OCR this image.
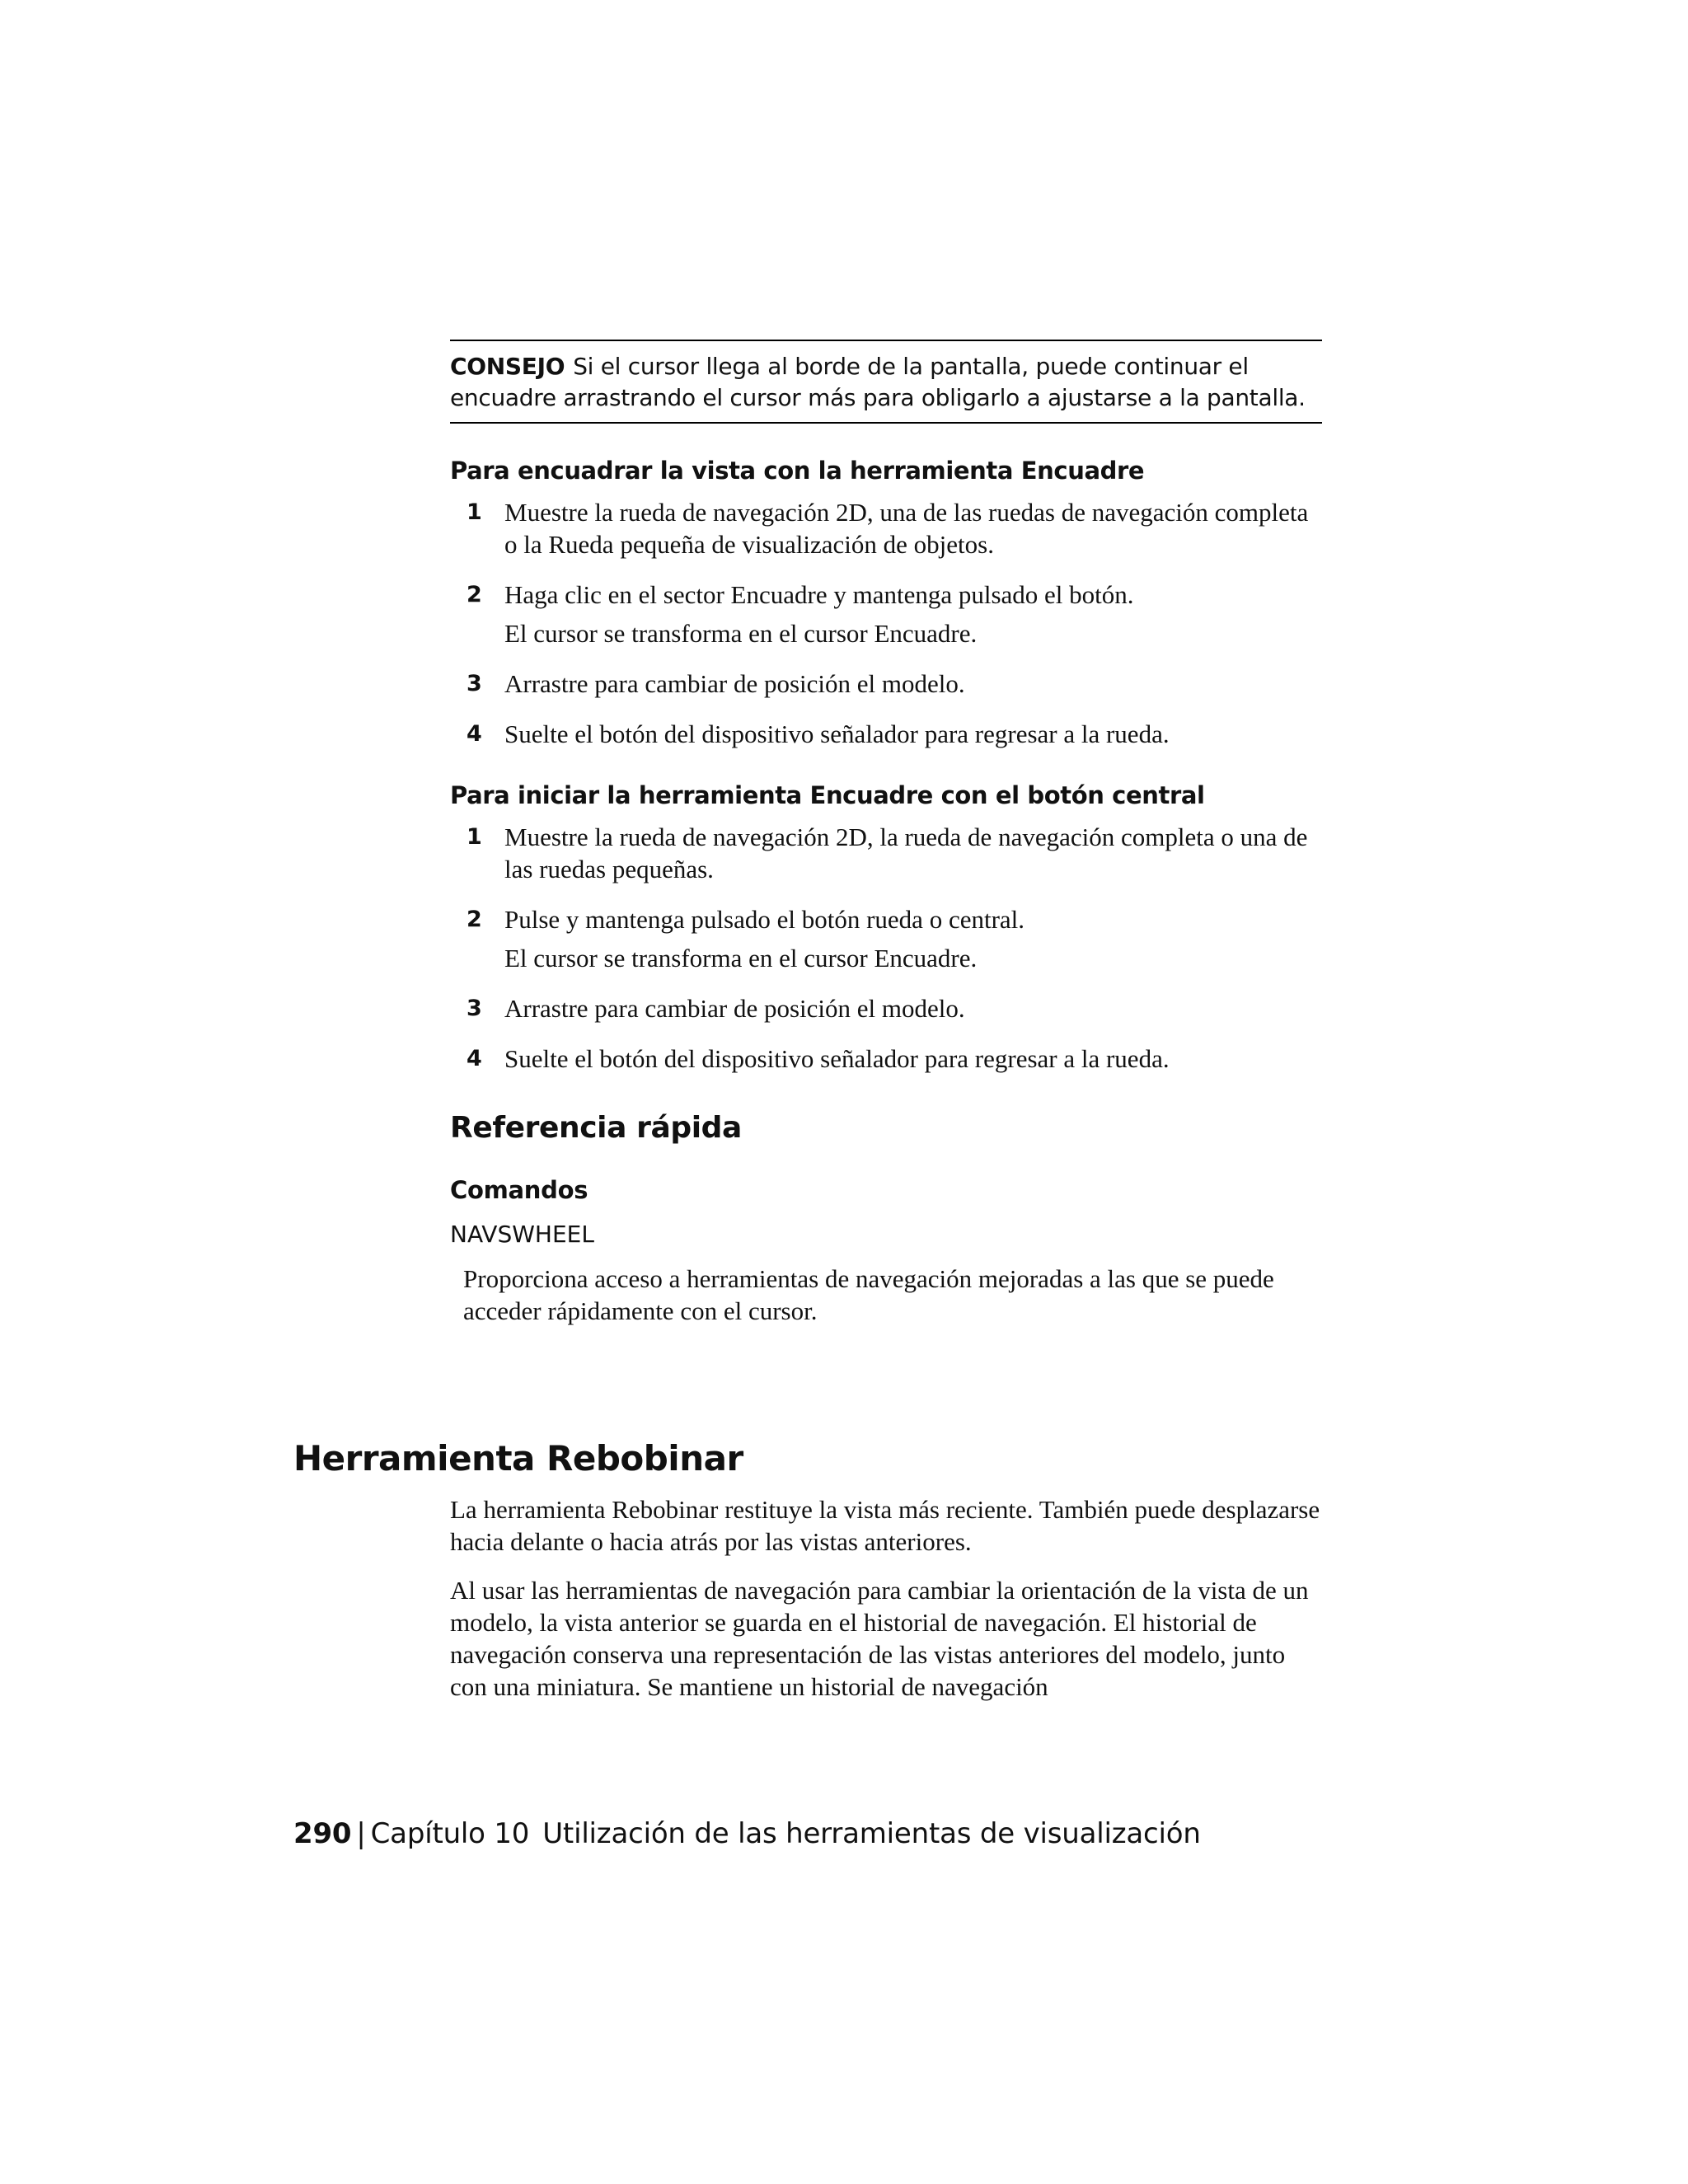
CONSEJO Si el cursor llega al borde de la pantalla, puede continuar el encuadre arrastrando el cursor más para obligarlo a ajustarse a la pantalla.
Para encuadrar la vista con la herramienta Encuadre
1 Muestre la rueda de navegación 2D, una de las ruedas de navegación completa o la Rueda pequeña de visualización de objetos.
2 Haga clic en el sector Encuadre y mantenga pulsado el botón.
El cursor se transforma en el cursor Encuadre.
3 Arrastre para cambiar de posición el modelo.
4 Suelte el botón del dispositivo señalador para regresar a la rueda.
Para iniciar la herramienta Encuadre con el botón central
1 Muestre la rueda de navegación 2D, la rueda de navegación completa o una de las ruedas pequeñas.
2 Pulse y mantenga pulsado el botón rueda o central.
El cursor se transforma en el cursor Encuadre.
3 Arrastre para cambiar de posición el modelo.
4 Suelte el botón del dispositivo señalador para regresar a la rueda.
Referencia rápida
Comandos
NAVSWHEEL

Proporciona acceso a herramientas de navegación mejoradas a las que se puede acceder rápidamente con el cursor.

Herramienta Rebobinar

La herramienta Rebobinar restituye la vista más reciente. También puede desplazarse hacia delante o hacia atrás por las vistas anteriores.

Al usar las herramientas de navegación para cambiar la orientación de la vista de un modelo, la vista anterior se guarda en el historial de navegación. El historial de navegación conserva una representación de las vistas anteriores del modelo, junto con una miniatura. Se mantiene un historial de navegación

290 | Capítulo 10 Utilización de las herramientas de visualización
